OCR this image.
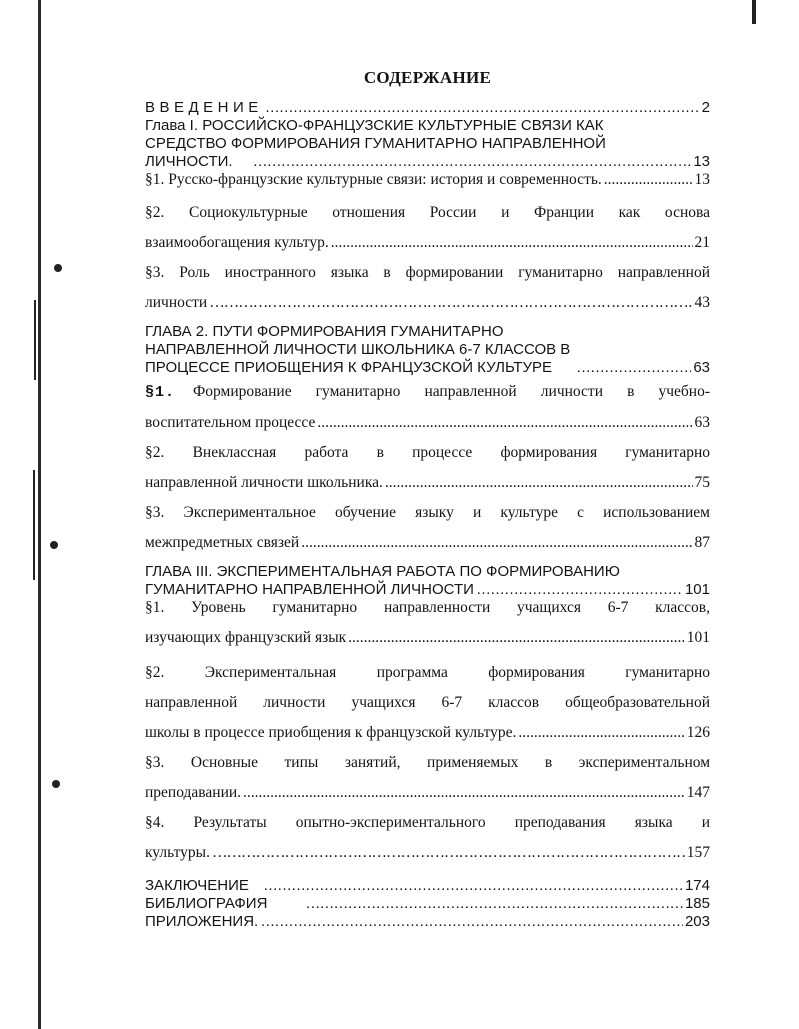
СОДЕРЖАНИЕ
ВВЕДЕНИЕ ………………………………………………………………………………………………………………………………………………	2
Глава I. РОССИЙСКО-ФРАНЦУЗСКИЕ КУЛЬТУРНЫЕ СВЯЗИ КАК
СРЕДСТВО ФОРМИРОВАНИЯ ГУМАНИТАРНО НАПРАВЛЕННОЙ
ЛИЧНОСТИ. ………………………………………………………………………………………………………………………………………………	13
§1. Русско-французские культурные связи: история и современность. .....	13
§2. Социокультурные отношения России и Франции как основа
взаимообогащения культур. .....	21
§3. Роль иностранного языка в формировании гуманитарно направленной
личности ………………………………………………………………………………………………………………………………………………	43
ГЛАВА 2. ПУТИ ФОРМИРОВАНИЯ ГУМАНИТАРНО
НАПРАВЛЕННОЙ ЛИЧНОСТИ ШКОЛЬНИКА 6-7 КЛАССОВ В
ПРОЦЕССЕ ПРИОБЩЕНИЯ К ФРАНЦУЗСКОЙ КУЛЬТУРЕ ………………………………………………………………………………………………………………………………………………	63
§1. Формирование гуманитарно направленной личности в учебно-
воспитательном процессе .....	63
§2. Внеклассная работа в процессе формирования гуманитарно
направленной личности школьника. .....	75
§3. Экспериментальное обучение языку и культуре с использованием
межпредметных связей .....	87
ГЛАВА III. ЭКСПЕРИМЕНТАЛЬНАЯ РАБОТА ПО ФОРМИРОВАНИЮ
ГУМАНИТАРНО НАПРАВЛЕННОЙ ЛИЧНОСТИ ………………………………………………………………………………………………………………………………………………	101
§1. Уровень гуманитарно направленности учащихся 6-7 классов,
изучающих французский язык .....	101
§2. Экспериментальная программа формирования гуманитарно
направленной личности учащихся 6-7 классов общеобразовательной
школы в процессе приобщения к французской культуре. .....	126
§3. Основные типы занятий, применяемых в экспериментальном
преподавании. .....	147
§4. Результаты опытно-экспериментального преподавания языка и
культуры. ………………………………………………………………………………………………………………………………………………	157
ЗАКЛЮЧЕНИЕ ………………………………………………………………………………………………………………………………………………	174
БИБЛИОГРАФИЯ ………………………………………………………………………………………………………………………………………………	185
ПРИЛОЖЕНИЯ. ………………………………………………………………………………………………………………………………………………	203
